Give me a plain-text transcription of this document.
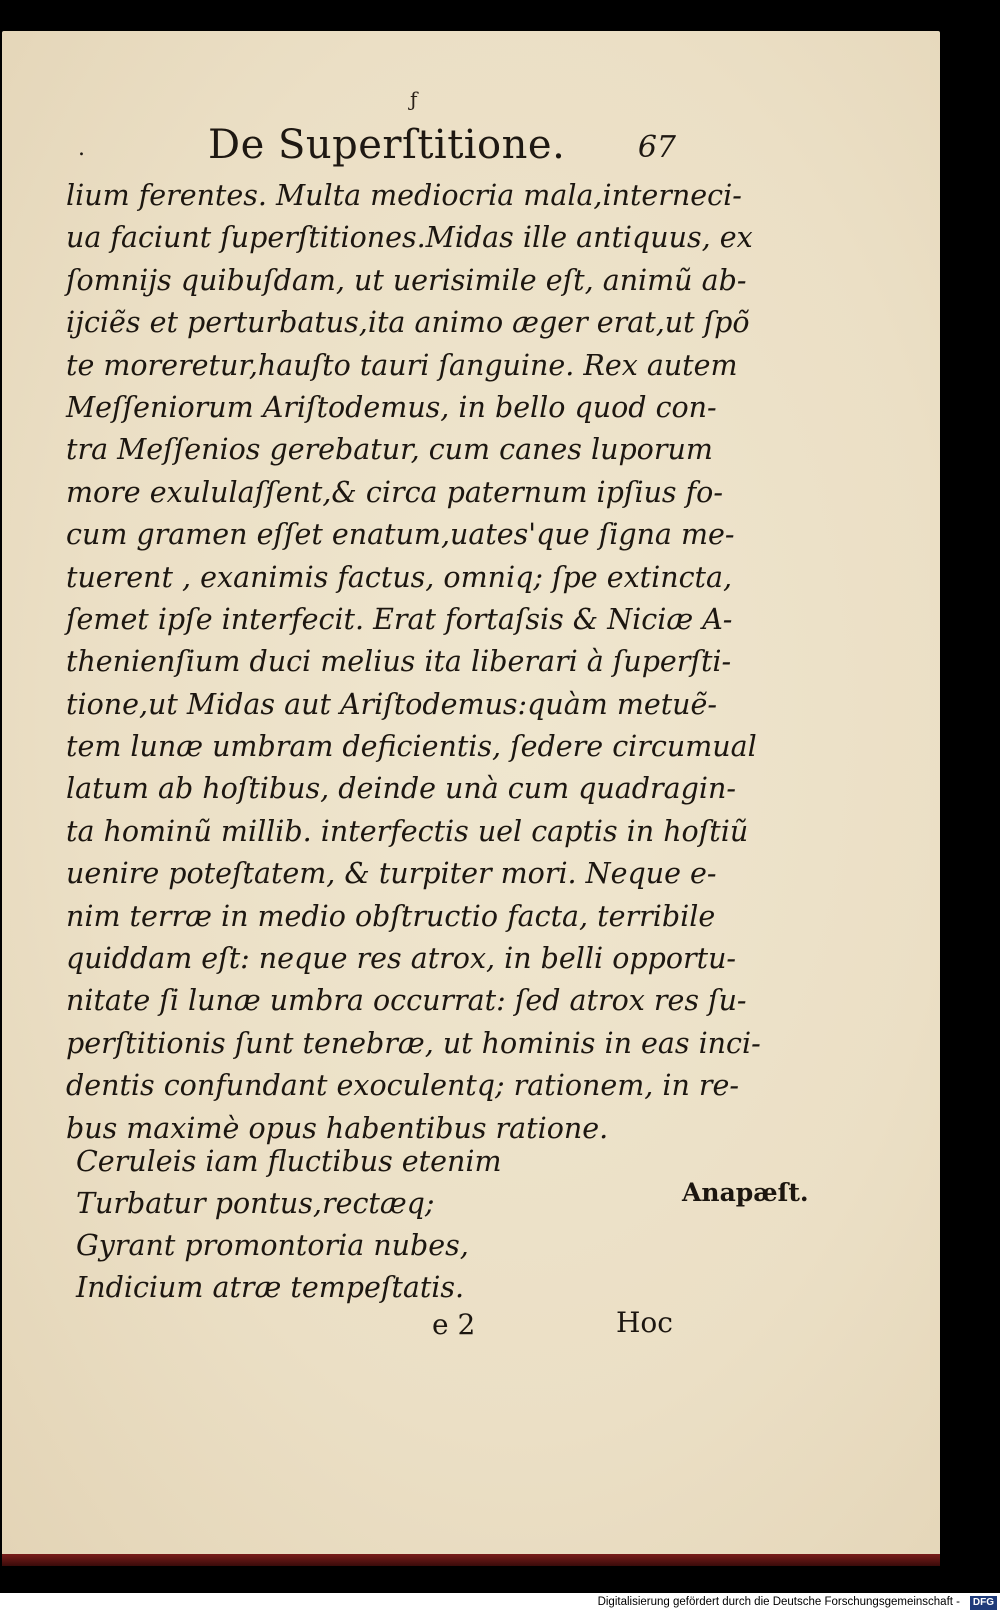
ƒ
.	De Superſtitione. 67
lium ferentes. Multa mediocria mala,interneci-
ua faciunt ſuperſtitiones.Midas ille antiquus, ex
ſomnijs quibuſdam, ut uerisimile eſt, animũ ab-
ijciẽs et perturbatus,ita animo æger erat,ut ſpõ
te moreretur,hauſto tauri ſanguine. Rex autem
Meſſeniorum Ariſtodemus, in bello quod con-
tra Meſſenios gerebatur, cum canes luporum
more exululaſſent,& circa paternum ipſius fo-
cum gramen eſſet enatum,uates'que ſigna me-
tuerent , exanimis factus, omniq; ſpe extincta,
ſemet ipſe interfecit. Erat fortaſsis & Niciæ A-
thenienſium duci melius ita liberari à ſuperſti-
tione,ut Midas aut Ariſtodemus:quàm metuẽ-
tem lunæ umbram deficientis, ſedere circumual
latum ab hoſtibus, deinde unà cum quadragin-
ta hominũ millib. interfectis uel captis in hoſtiũ
uenire poteſtatem, & turpiter mori. Neque e-
nim terræ in medio obſtructio facta, terribile
quiddam eſt: neque res atrox, in belli opportu-
nitate ſi lunæ umbra occurrat: ſed atrox res ſu-
perſtitionis ſunt tenebræ, ut hominis in eas inci-
dentis confundant exoculentq; rationem, in re-
bus maximè opus habentibus ratione.
Ceruleis iam fluctibus etenim
Turbatur pontus,rectæq;
Gyrant promontoria nubes,
Indicium atræ tempeſtatis.
Anapæſt.
e 2	Hoc
Digitalisierung gefördert durch die Deutsche Forschungsgemeinschaft -	DFG
